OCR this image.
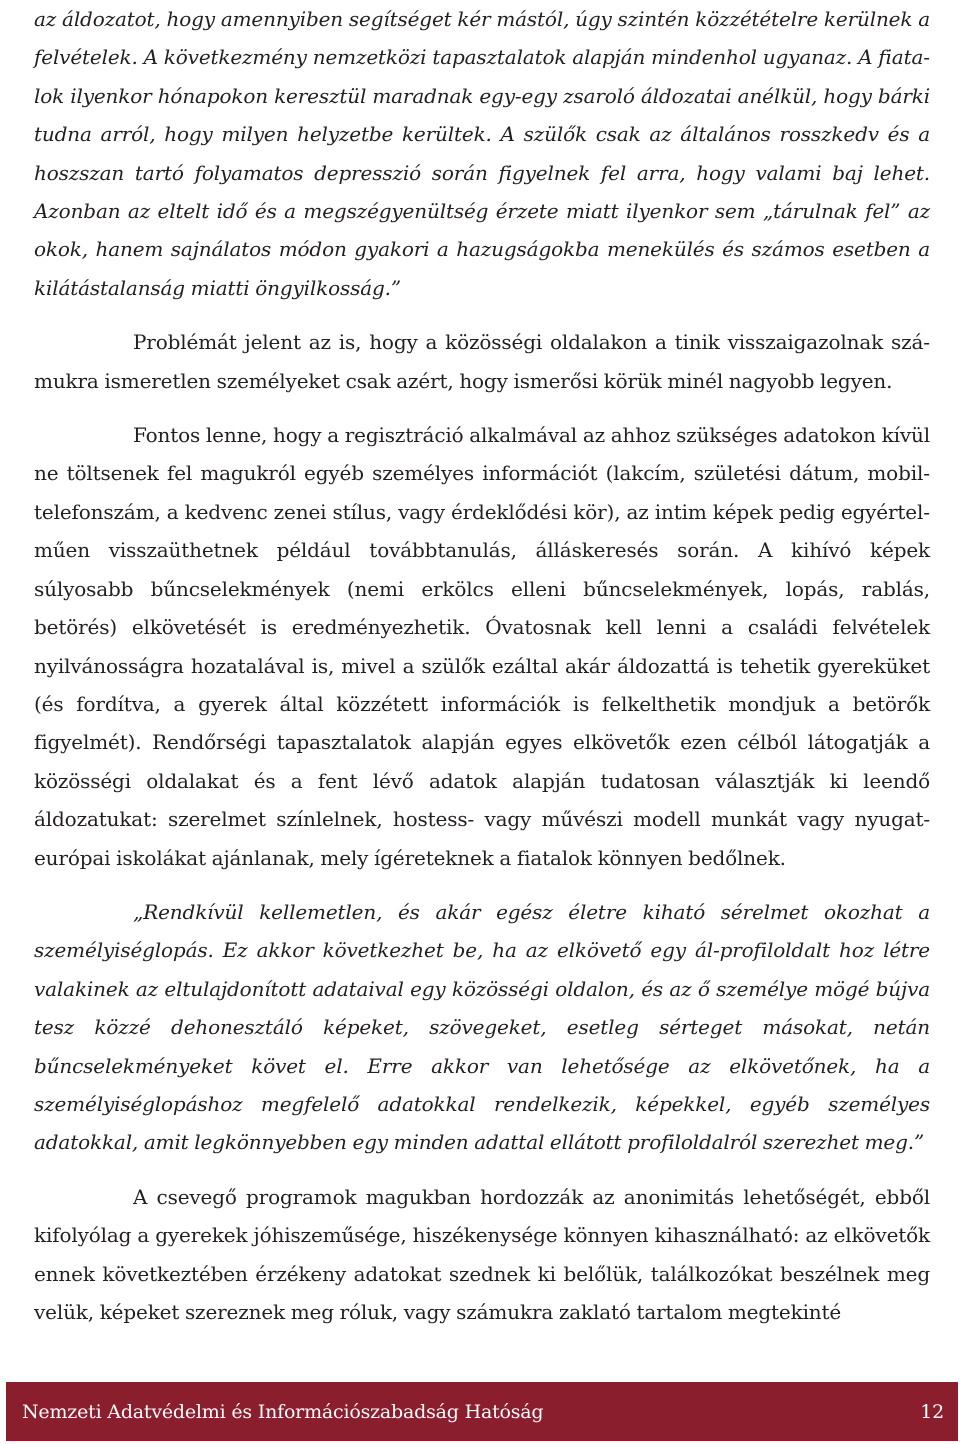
az áldozatot, hogy amennyiben segítséget kér mástól, úgy szintén közzétételre kerülnek a felvételek. A következmény nemzetközi tapasztalatok alapján mindenhol ugyanaz. A fiatalok ilyenkor hónapokon keresztül maradnak egy-egy zsaroló áldozatai anélkül, hogy bárki tudna arról, hogy milyen helyzetbe kerültek. A szülők csak az általános rosszkedv és a hoszszan tartó folyamatos depresszió során figyelnek fel arra, hogy valami baj lehet. Azonban az eltelt idő és a megszégyenültség érzete miatt ilyenkor sem „tárulnak fel” az okok, hanem sajnálatos módon gyakori a hazugságokba menekülés és számos esetben a kilátástalanság miatti öngyilkosság.”

Problémát jelent az is, hogy a közösségi oldalakon a tinik visszaigazolnak számukra ismeretlen személyeket csak azért, hogy ismerősi körük minél nagyobb legyen.

Fontos lenne, hogy a regisztráció alkalmával az ahhoz szükséges adatokon kívül ne töltsenek fel magukról egyéb személyes információt (lakcím, születési dátum, mobiltelefonszám, a kedvenc zenei stílus, vagy érdeklődési kör), az intim képek pedig egyértelműen visszaüthetnek például továbbtanulás, álláskeresés során. A kihívó képek súlyosabb bűncselekmények (nemi erkölcs elleni bűncselekmények, lopás, rablás, betörés) elkövetését is eredményezhetik. Óvatosnak kell lenni a családi felvételek nyilvánosságra hozatalával is, mivel a szülők ezáltal akár áldozattá is tehetik gyereküket (és fordítva, a gyerek által közzétett információk is felkelthetik mondjuk a betörők figyelmét). Rendőrségi tapasztalatok alapján egyes elkövetők ezen célból látogatják a közösségi oldalakat és a fent lévő adatok alapján tudatosan választják ki leendő áldozatukat: szerelmet színlelnek, hostess- vagy művészi modell munkát vagy nyugat-európai iskolákat ajánlanak, mely ígéreteknek a fiatalok könnyen bedőlnek.

„Rendkívül kellemetlen, és akár egész életre kiható sérelmet okozhat a személyiséglopás. Ez akkor következhet be, ha az elkövető egy ál-profiloldalt hoz létre valakinek az eltulajdonított adataival egy közösségi oldalon, és az ő személye mögé bújva tesz közzé dehonesztáló képeket, szövegeket, esetleg sérteget másokat, netán bűncselekményeket követ el. Erre akkor van lehetősége az elkövetőnek, ha a személyiséglopáshoz megfelelő adatokkal rendelkezik, képekkel, egyéb személyes adatokkal, amit legkönnyebben egy minden adattal ellátott profiloldalról szerezhet meg.”

A csevegő programok magukban hordozzák az anonimitás lehetőségét, ebből kifolyólag a gyerekek jóhiszeműsége, hiszékenysége könnyen kihasználható: az elkövetők ennek következtében érzékeny adatokat szednek ki belőlük, találkozókat beszélnek meg velük, képeket szereznek meg róluk, vagy számukra zaklató tartalom megtekinté

Nemzeti Adatvédelmi és Információszabadság Hatóság	12
